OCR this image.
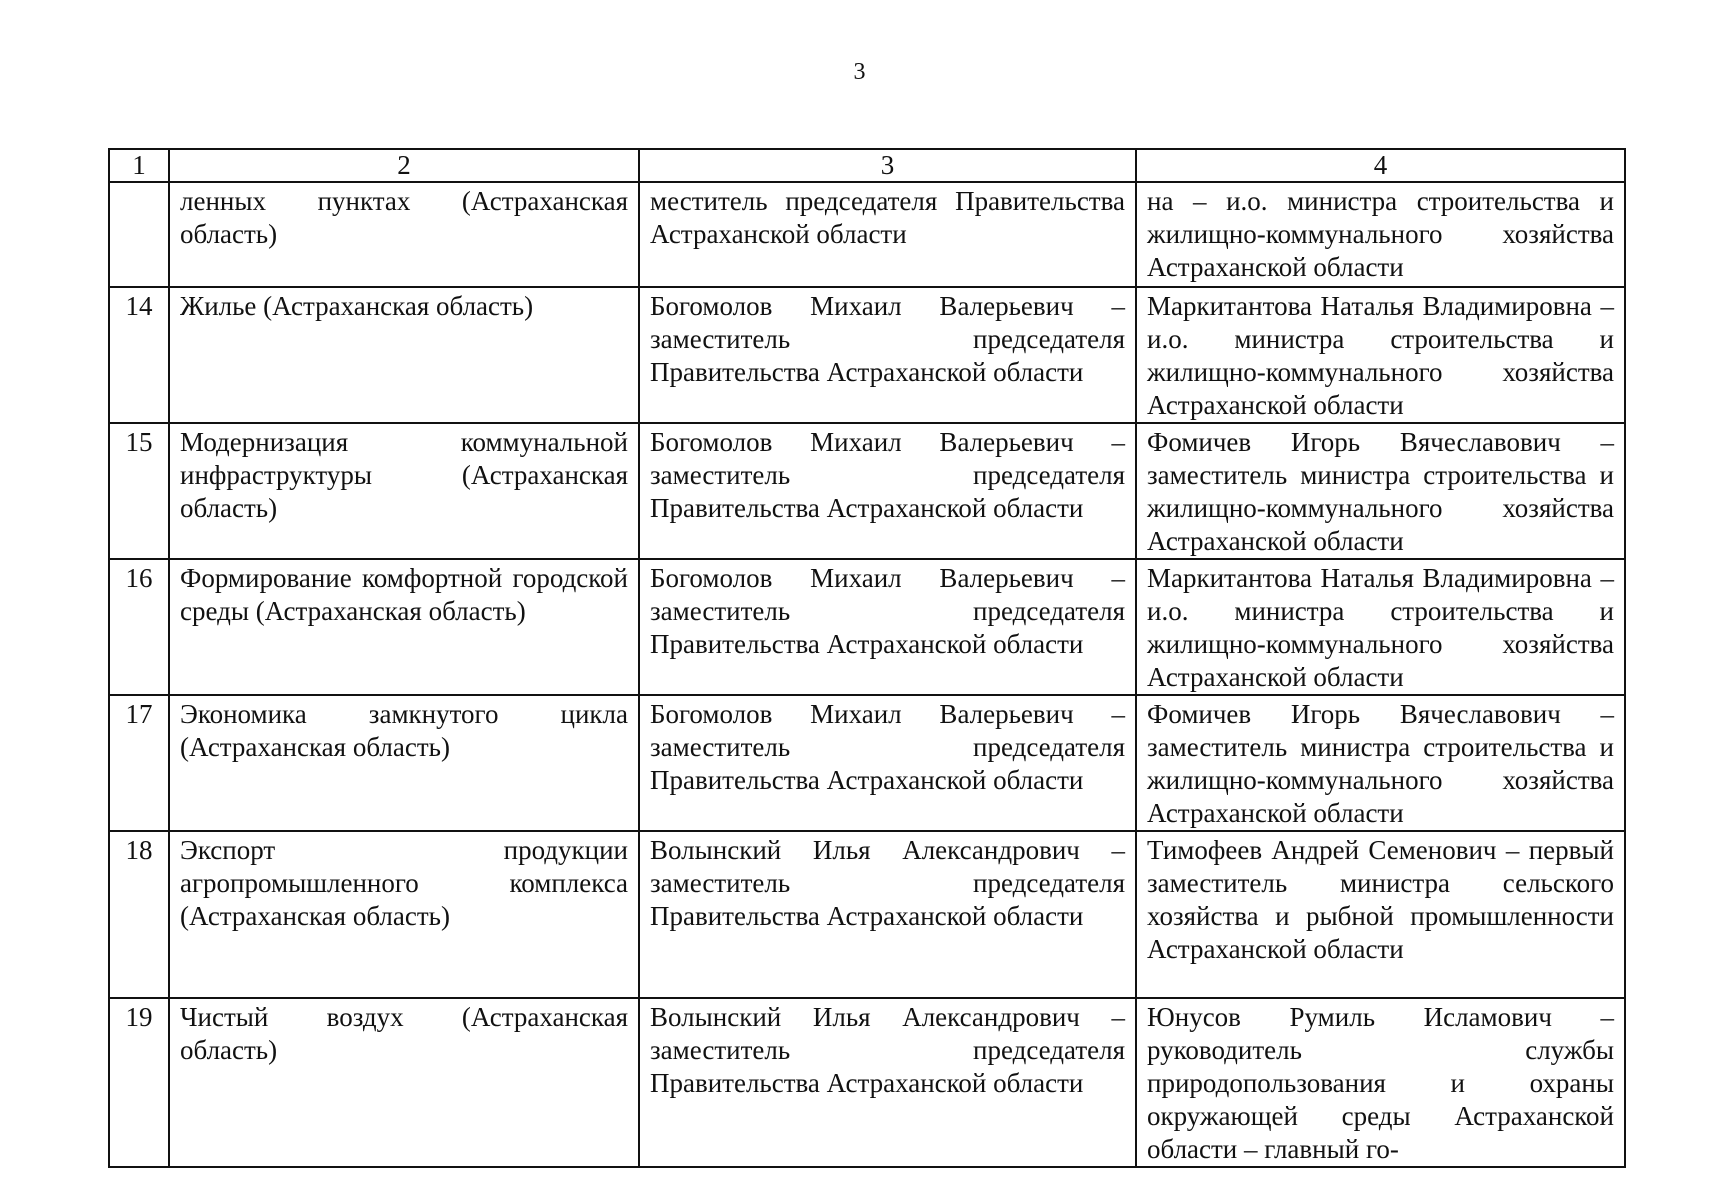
3
1	2	3	4
	ленных пунктах (Астраханская область)	меститель председателя Правительства Астраханской области	на – и.о. министра строительства и жилищно-коммунального хозяйства Астраханской области
14	Жилье (Астраханская область)	Богомолов Михаил Валерьевич – заместитель председателя Правительства Астраханской области	Маркитантова Наталья Владимировна – и.о. министра строительства и жилищно-коммунального хозяйства Астраханской области
15	Модернизация коммунальной инфраструктуры (Астраханская область)	Богомолов Михаил Валерьевич – заместитель председателя Правительства Астраханской области	Фомичев Игорь Вячеславович – заместитель министра строительства и жилищно-коммунального хозяйства Астраханской области
16	Формирование комфортной городской среды (Астраханская область)	Богомолов Михаил Валерьевич – заместитель председателя Правительства Астраханской области	Маркитантова Наталья Владимировна – и.о. министра строительства и жилищно-коммунального хозяйства Астраханской области
17	Экономика замкнутого цикла (Астраханская область)	Богомолов Михаил Валерьевич – заместитель председателя Правительства Астраханской области	Фомичев Игорь Вячеславович – заместитель министра строительства и жилищно-коммунального хозяйства Астраханской области
18	Экспорт продукции агропромышленного комплекса (Астраханская область)	Волынский Илья Александрович – заместитель председателя Правительства Астраханской области	Тимофеев Андрей Семенович – первый заместитель министра сельского хозяйства и рыбной промышленности Астраханской области
19	Чистый воздух (Астраханская область)	Волынский Илья Александрович – заместитель председателя Правительства Астраханской области	Юнусов Румиль Исламович – руководитель службы природопользования и охраны окружающей среды Астраханской области – главный го-
